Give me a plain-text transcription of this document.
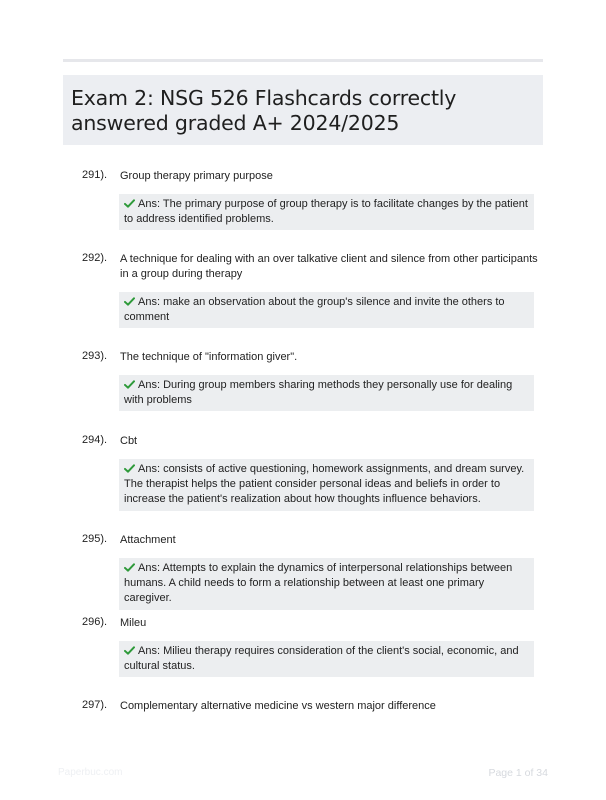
Exam 2: NSG 526 Flashcards correctly answered graded A+ 2024/2025
291). Group therapy primary purpose
Ans: The primary purpose of group therapy is to facilitate changes by the patient to address identified problems.
292). A technique for dealing with an over talkative client and silence from other participants in a group during therapy
Ans: make an observation about the group's silence and invite the others to comment
293). The technique of "information giver".
Ans: During group members sharing methods they personally use for dealing with problems
294). Cbt
Ans: consists of active questioning, homework assignments, and dream survey. The therapist helps the patient consider personal ideas and beliefs in order to increase the patient's realization about how thoughts influence behaviors.
295). Attachment
Ans: Attempts to explain the dynamics of interpersonal relationships between humans. A child needs to form a relationship between at least one primary caregiver.
296). Mileu
Ans: Milieu therapy requires consideration of the client's social, economic, and cultural status.
297). Complementary alternative medicine vs western major difference
Paperbuc.com	Page 1 of 34
